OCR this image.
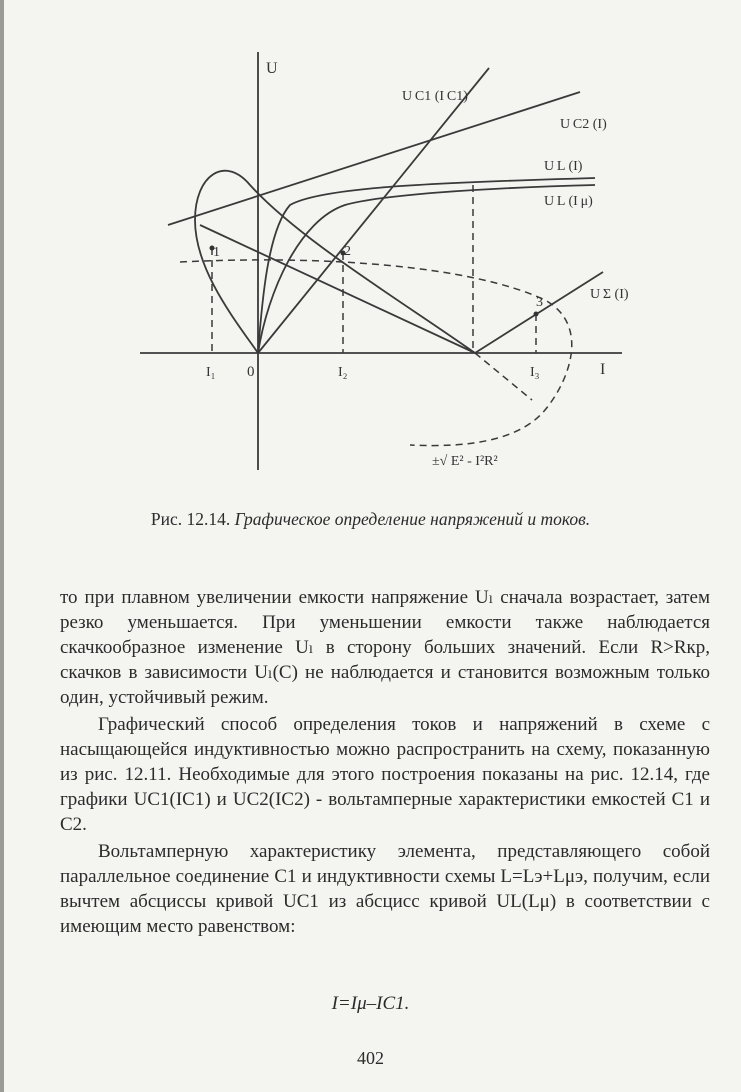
U
I
0
U C1 (I C1)
U C2 (I)
U L (I)
U L (I μ)
U Σ (I)
±√ E² - I²R²
1	2
3
I₁	I₂	I₃
Рис. 12.14. Графическое определение напряжений и токов.

то при плавном увеличении емкости напряжение Uₗ сначала возрастает, затем резко уменьшается. При уменьшении емкости также наблюдается скачкообразное изменение Uₗ в сторону больших значений. Если R>Rкр, скачков в зависимости Uₗ(C) не наблюдается и становится возможным только один, устойчивый режим.

Графический способ определения токов и напряжений в схеме с насыщающейся индуктивностью можно распространить на схему, показанную из рис. 12.11. Необходимые для этого построения показаны на рис. 12.14, где графики UC1(IC1) и UC2(IC2) - вольтамперные характеристики емкостей C1 и C2.

Вольтамперную характеристику элемента, представляющего собой параллельное соединение C1 и индуктивности схемы L=Lэ+Lμэ, получим, если вычтем абсциссы кривой UC1 из абсцисс кривой UL(Lμ) в соответствии с имеющим место равенством:

I=Iμ–IC1.
402
